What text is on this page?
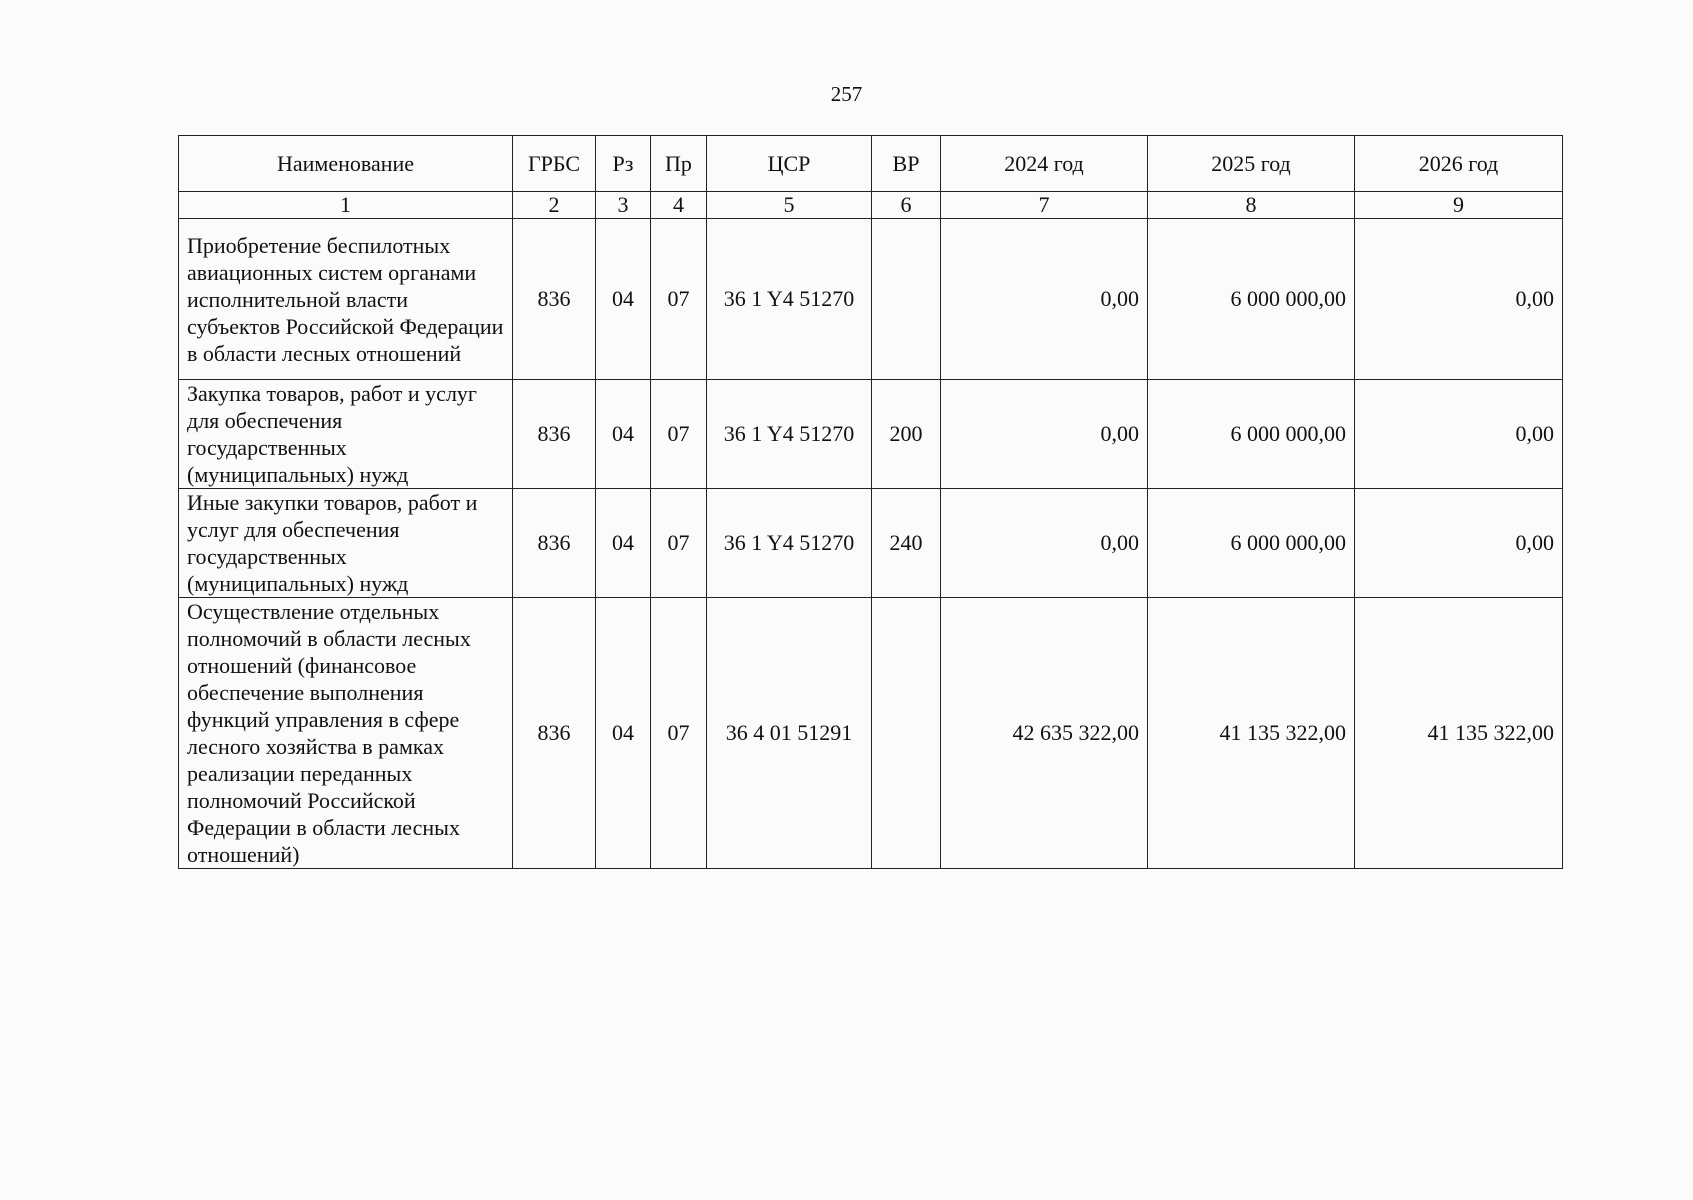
257
Наименование	ГРБС	Рз	Пр	ЦСР	ВР	2024 год	2025 год	2026 год
1	2	3	4	5	6	7	8	9
Приобретение беспилотных авиационных систем органами исполнительной власти субъектов Российской Федерации в области лесных отношений	836	04	07	36 1 Y4 51270		0,00	6 000 000,00	0,00
Закупка товаров, работ и услуг для обеспечения государственных (муниципальных) нужд	836	04	07	36 1 Y4 51270	200	0,00	6 000 000,00	0,00
Иные закупки товаров, работ и услуг для обеспечения государственных (муниципальных) нужд	836	04	07	36 1 Y4 51270	240	0,00	6 000 000,00	0,00
Осуществление отдельных полномочий в области лесных отношений (финансовое обеспечение выполнения функций управления в сфере лесного хозяйства в рамках реализации переданных полномочий Российской Федерации в области лесных отношений)	836	04	07	36 4 01 51291		42 635 322,00	41 135 322,00	41 135 322,00
